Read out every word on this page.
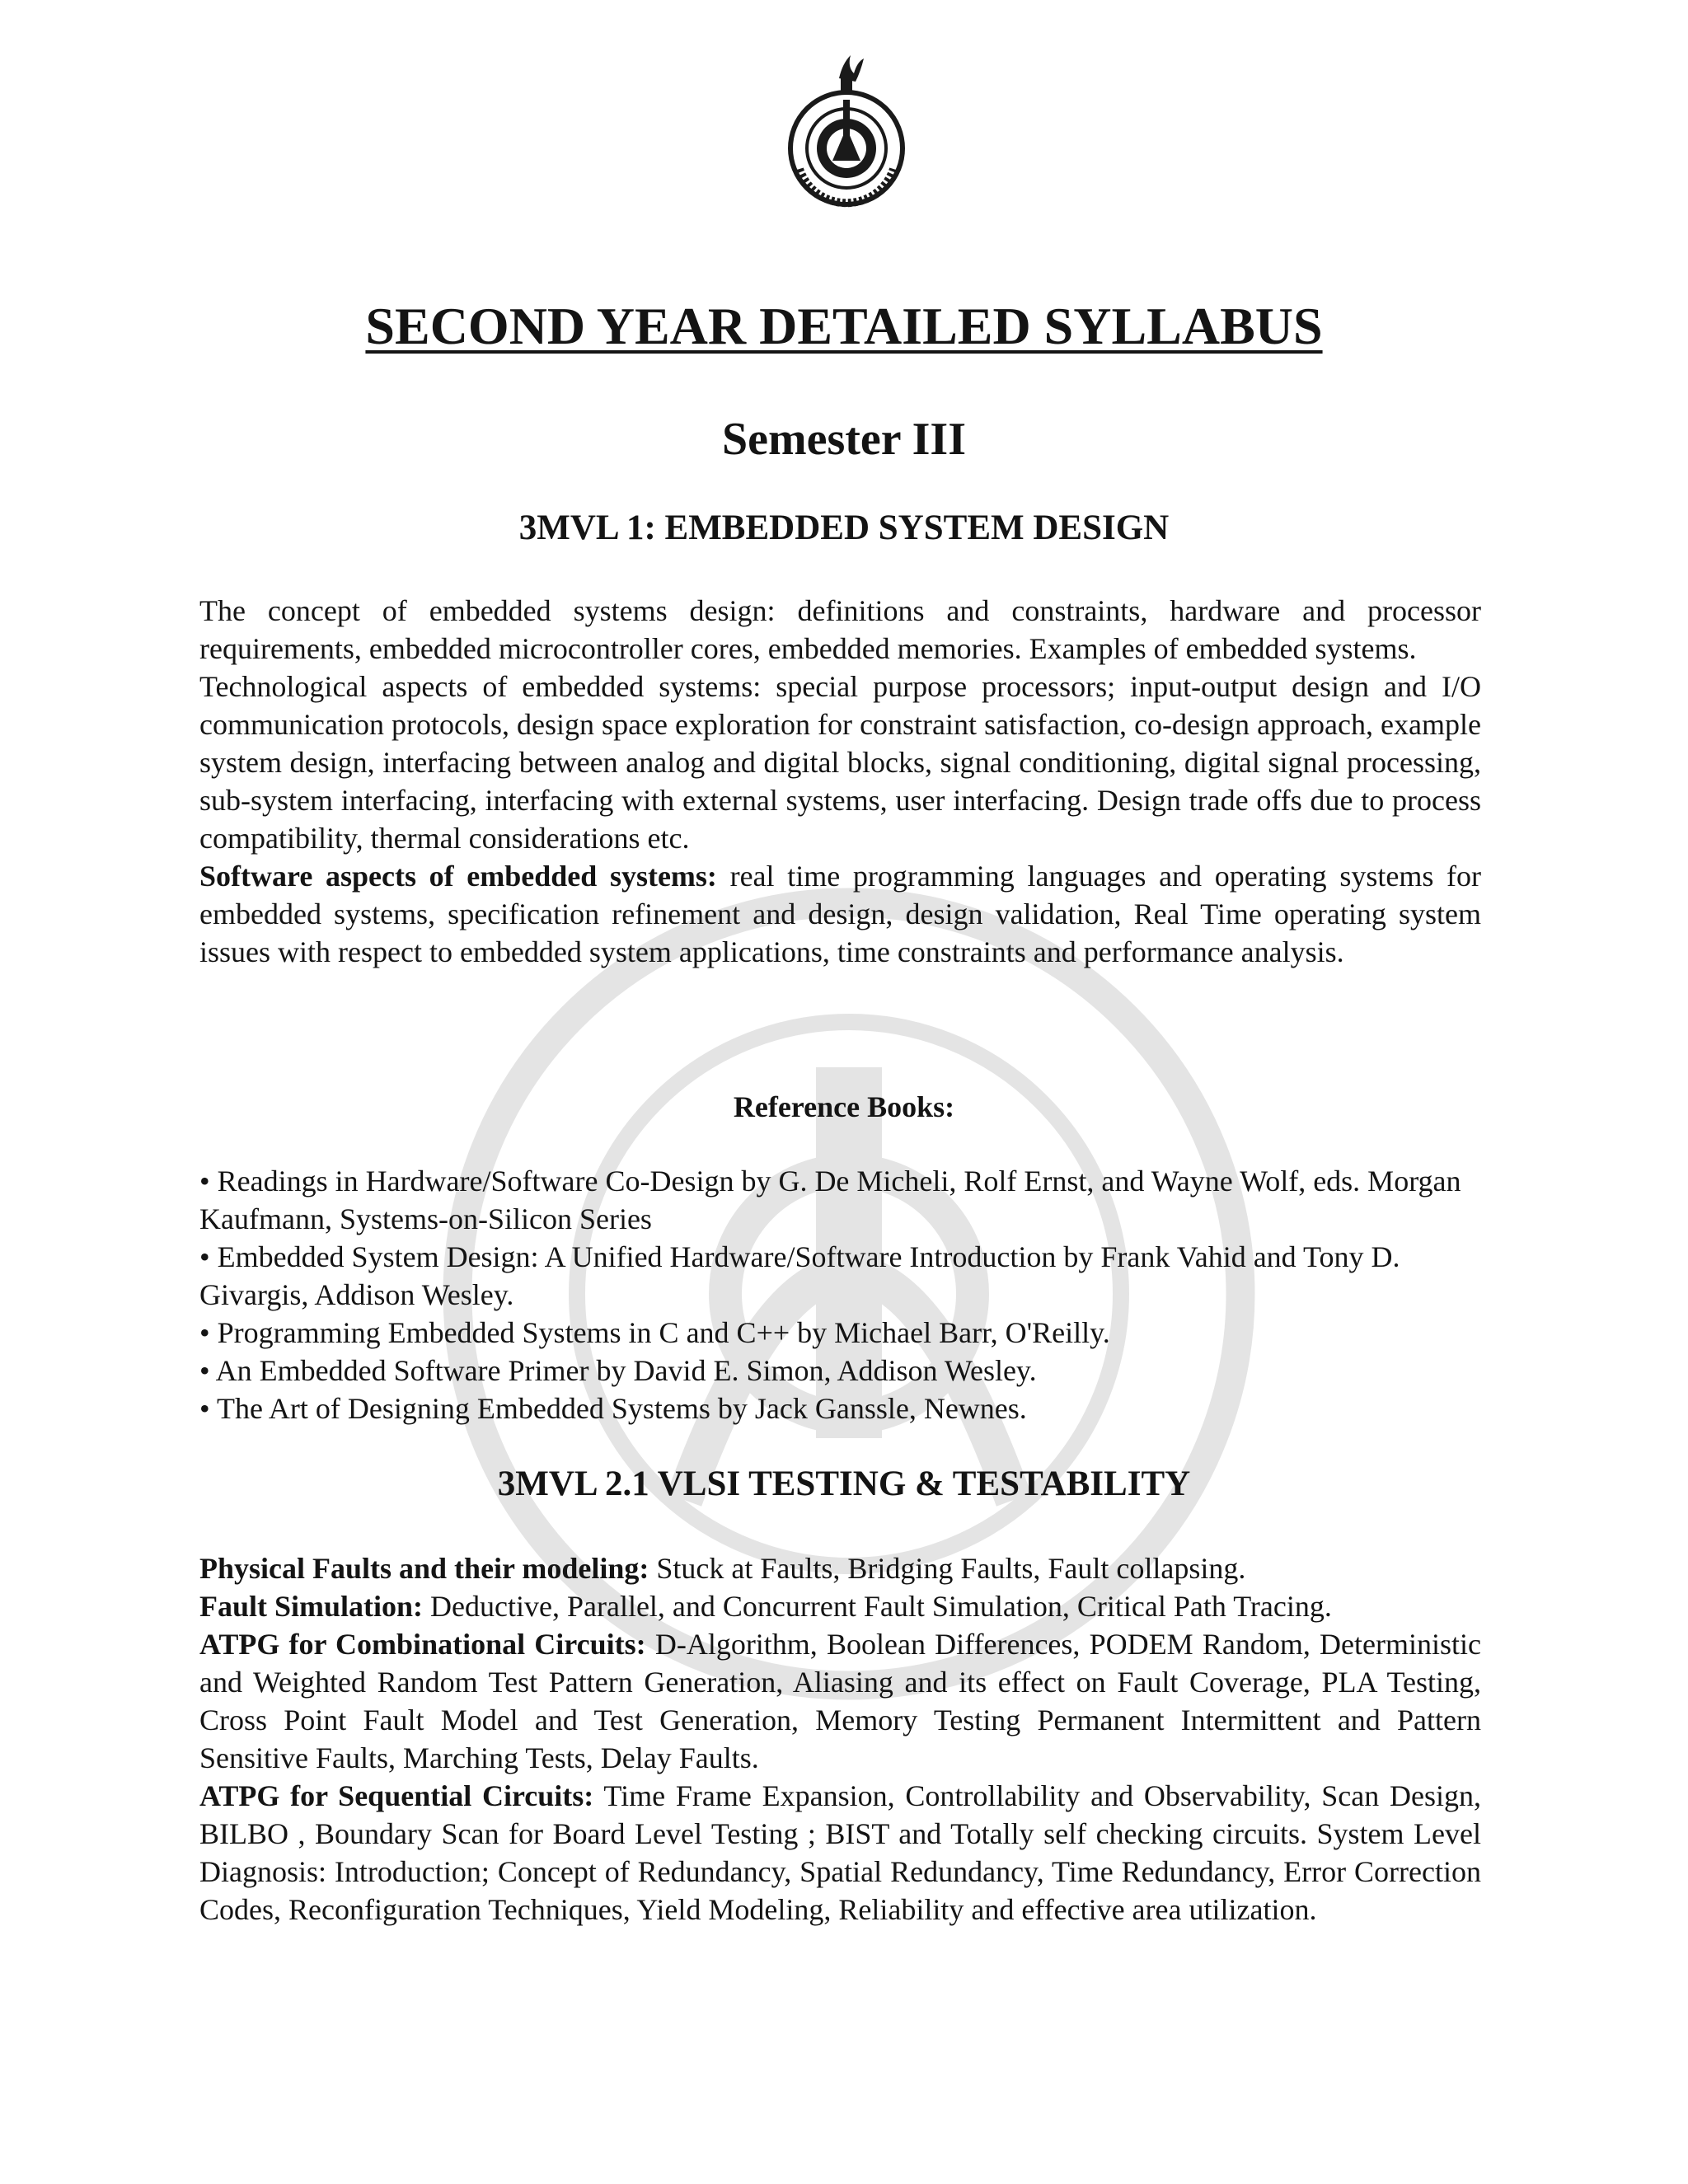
SECOND YEAR DETAILED SYLLABUS
Semester III
3MVL 1: EMBEDDED SYSTEM DESIGN

The concept of embedded systems design: definitions and constraints, hardware and processor requirements, embedded microcontroller cores, embedded memories. Examples of embedded systems.

Technological aspects of embedded systems: special purpose processors; input-output design and I/O communication protocols, design space exploration for constraint satisfaction, co-design approach, example system design, interfacing between analog and digital blocks, signal conditioning, digital signal processing, sub-system interfacing, interfacing with external systems, user interfacing. Design trade offs due to process compatibility, thermal considerations etc.

Software aspects of embedded systems: real time programming languages and operating systems for embedded systems, specification refinement and design, design validation, Real Time operating system issues with respect to embedded system applications, time constraints and performance analysis.

Reference Books:
• Readings in Hardware/Software Co-Design by G. De Micheli, Rolf Ernst, and Wayne Wolf, eds. Morgan Kaufmann, Systems-on-Silicon Series
• Embedded System Design: A Unified Hardware/Software Introduction by Frank Vahid and Tony D. Givargis, Addison Wesley.
• Programming Embedded Systems in C and C++ by Michael Barr, O'Reilly.
• An Embedded Software Primer by David E. Simon, Addison Wesley.
• The Art of Designing Embedded Systems by Jack Ganssle, Newnes.
3MVL 2.1 VLSI TESTING & TESTABILITY

Physical Faults and their modeling: Stuck at Faults, Bridging Faults, Fault collapsing.

Fault Simulation: Deductive, Parallel, and Concurrent Fault Simulation, Critical Path Tracing.

ATPG for Combinational Circuits: D-Algorithm, Boolean Differences, PODEM Random, Deterministic and Weighted Random Test Pattern Generation, Aliasing and its effect on Fault Coverage, PLA Testing, Cross Point Fault Model and Test Generation, Memory Testing Permanent Intermittent and Pattern Sensitive Faults, Marching Tests, Delay Faults.

ATPG for Sequential Circuits: Time Frame Expansion, Controllability and Observability, Scan Design, BILBO , Boundary Scan for Board Level Testing ; BIST and Totally self checking circuits. System Level Diagnosis: Introduction; Concept of Redundancy, Spatial Redundancy, Time Redundancy, Error Correction Codes, Reconfiguration Techniques, Yield Modeling, Reliability and effective area utilization.
